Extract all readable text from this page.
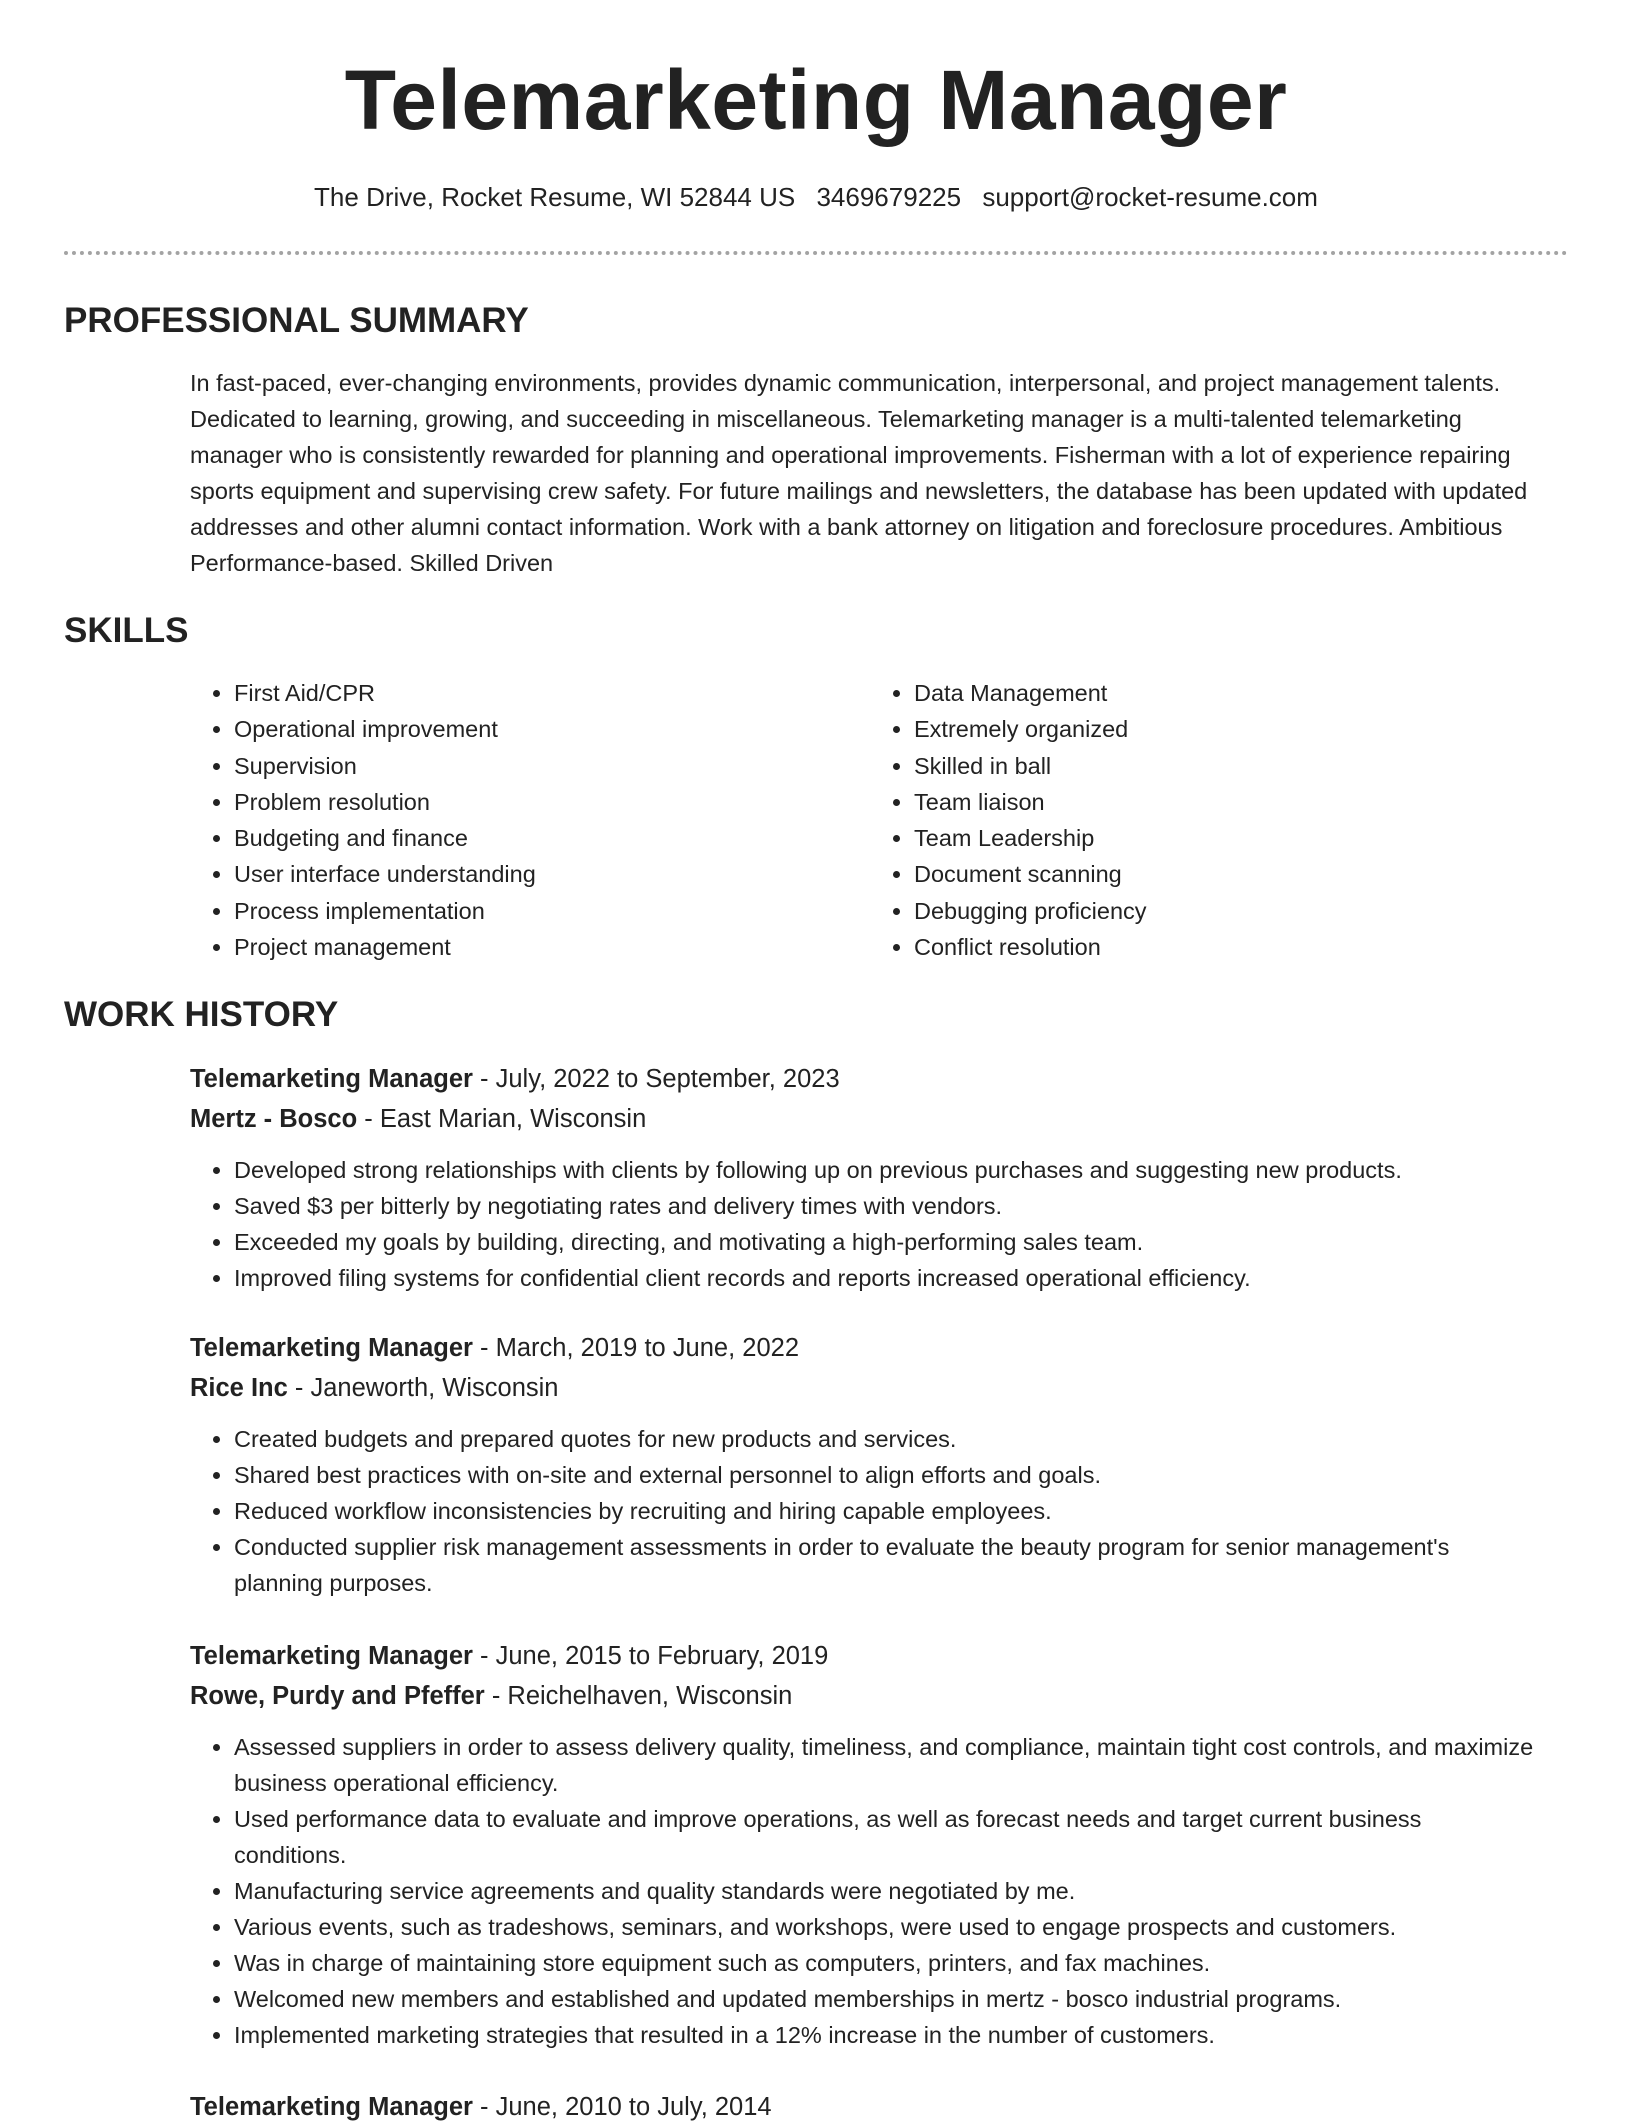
Telemarketing Manager
The Drive, Rocket Resume, WI 52844 US 3469679225 support@rocket-resume.com
PROFESSIONAL SUMMARY

In fast-paced, ever-changing environments, provides dynamic communication, interpersonal, and project management talents. Dedicated to learning, growing, and succeeding in miscellaneous. Telemarketing manager is a multi-talented telemarketing manager who is consistently rewarded for planning and operational improvements. Fisherman with a lot of experience repairing sports equipment and supervising crew safety. For future mailings and newsletters, the database has been updated with updated addresses and other alumni contact information. Work with a bank attorney on litigation and foreclosure procedures. Ambitious Performance-based. Skilled Driven

SKILLS
• First Aid/CPR
• Operational improvement
• Supervision
• Problem resolution
• Budgeting and finance
• User interface understanding
• Process implementation
• Project management
• Data Management
• Extremely organized
• Skilled in ball
• Team liaison
• Team Leadership
• Document scanning
• Debugging proficiency
• Conflict resolution
WORK HISTORY

Telemarketing Manager - July, 2022 to September, 2023

Mertz - Bosco - East Marian, Wisconsin

• Developed strong relationships with clients by following up on previous purchases and suggesting new products.
• Saved $3 per bitterly by negotiating rates and delivery times with vendors.
• Exceeded my goals by building, directing, and motivating a high-performing sales team.
• Improved filing systems for confidential client records and reports increased operational efficiency.

Telemarketing Manager - March, 2019 to June, 2022

Rice Inc - Janeworth, Wisconsin

• Created budgets and prepared quotes for new products and services.
• Shared best practices with on-site and external personnel to align efforts and goals.
• Reduced workflow inconsistencies by recruiting and hiring capable employees.
• Conducted supplier risk management assessments in order to evaluate the beauty program for senior management's planning purposes.

Telemarketing Manager - June, 2015 to February, 2019

Rowe, Purdy and Pfeffer - Reichelhaven, Wisconsin

• Assessed suppliers in order to assess delivery quality, timeliness, and compliance, maintain tight cost controls, and maximize business operational efficiency.
• Used performance data to evaluate and improve operations, as well as forecast needs and target current business conditions.
• Manufacturing service agreements and quality standards were negotiated by me.
• Various events, such as tradeshows, seminars, and workshops, were used to engage prospects and customers.
• Was in charge of maintaining store equipment such as computers, printers, and fax machines.
• Welcomed new members and established and updated memberships in mertz - bosco industrial programs.
• Implemented marketing strategies that resulted in a 12% increase in the number of customers.

Telemarketing Manager - June, 2010 to July, 2014
